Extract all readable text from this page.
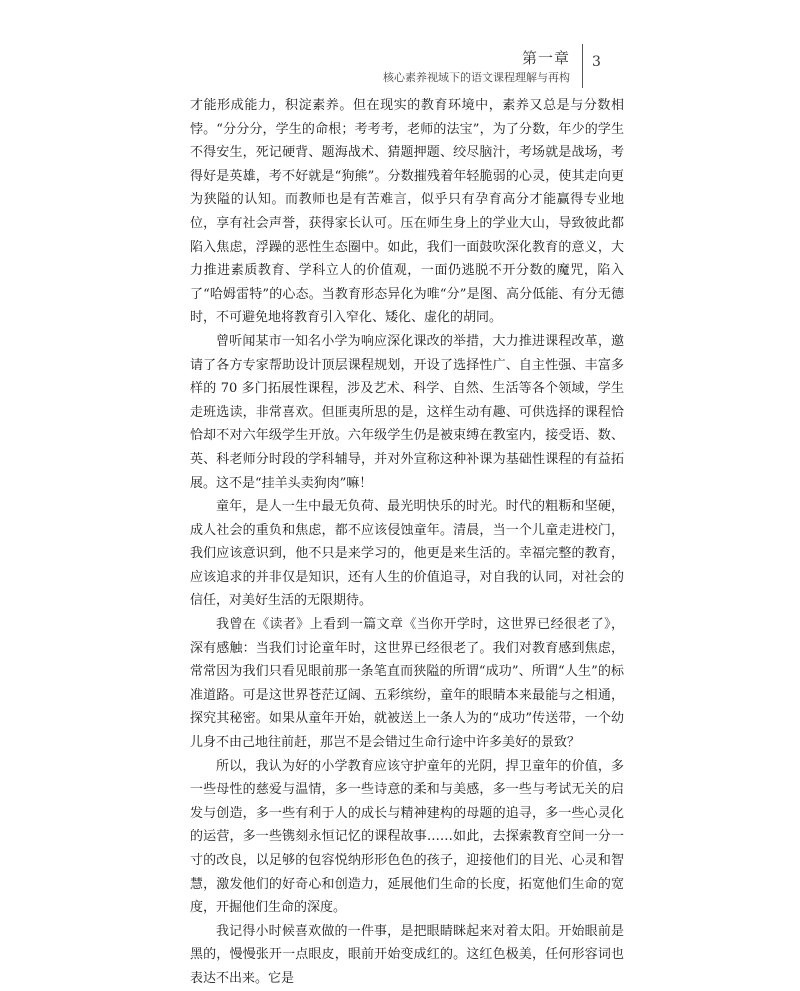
第一章
核心素养视域下的语文课程理解与再构
3

才能形成能力，积淀素养。但在现实的教育环境中，素养又总是与分数相悖。“分分分，学生的命根；考考考，老师的法宝”，为了分数，年少的学生不得安生，死记硬背、题海战术、猜题押题、绞尽脑汁，考场就是战场，考得好是英雄，考不好就是“狗熊”。分数摧残着年轻脆弱的心灵，使其走向更为狭隘的认知。而教师也是有苦难言，似乎只有孕育高分才能赢得专业地位，享有社会声誉，获得家长认可。压在师生身上的学业大山，导致彼此都陷入焦虑，浮躁的恶性生态圈中。如此，我们一面鼓吹深化教育的意义，大力推进素质教育、学科立人的价值观，一面仍逃脱不开分数的魔咒，陷入了“哈姆雷特”的心态。当教育形态异化为唯“分”是图、高分低能、有分无德时，不可避免地将教育引入窄化、矮化、虚化的胡同。

曾听闻某市一知名小学为响应深化课改的举措，大力推进课程改革，邀请了各方专家帮助设计顶层课程规划，开设了选择性广、自主性强、丰富多样的 70 多门拓展性课程，涉及艺术、科学、自然、生活等各个领域，学生走班选读，非常喜欢。但匪夷所思的是，这样生动有趣、可供选择的课程恰恰却不对六年级学生开放。六年级学生仍是被束缚在教室内，接受语、数、英、科老师分时段的学科辅导，并对外宣称这种补课为基础性课程的有益拓展。这不是“挂羊头卖狗肉”嘛！

童年，是人一生中最无负荷、最光明快乐的时光。时代的粗粝和坚硬，成人社会的重负和焦虑，都不应该侵蚀童年。清晨，当一个儿童走进校门，我们应该意识到，他不只是来学习的，他更是来生活的。幸福完整的教育，应该追求的并非仅是知识，还有人生的价值追寻，对自我的认同，对社会的信任，对美好生活的无限期待。

我曾在《读者》上看到一篇文章《当你开学时，这世界已经很老了》，深有感触：当我们讨论童年时，这世界已经很老了。我们对教育感到焦虑，常常因为我们只看见眼前那一条笔直而狭隘的所谓“成功”、所谓“人生”的标准道路。可是这世界苍茫辽阔、五彩缤纷，童年的眼睛本来最能与之相通，探究其秘密。如果从童年开始，就被送上一条人为的“成功”传送带，一个幼儿身不由己地往前赶，那岂不是会错过生命行途中许多美好的景致？

所以，我认为好的小学教育应该守护童年的光阴，捍卫童年的价值，多一些母性的慈爱与温情，多一些诗意的柔和与美感，多一些与考试无关的启发与创造，多一些有利于人的成长与精神建构的母题的追寻，多一些心灵化的运营，多一些镌刻永恒记忆的课程故事……如此，去探索教育空间一分一寸的改良，以足够的包容悦纳形形色色的孩子，迎接他们的目光、心灵和智慧，激发他们的好奇心和创造力，延展他们生命的长度，拓宽他们生命的宽度，开掘他们生命的深度。

我记得小时候喜欢做的一件事，是把眼睛眯起来对着太阳。开始眼前是黑的，慢慢张开一点眼皮，眼前开始变成红的。这红色极美，任何形容词也表达不出来。它是
